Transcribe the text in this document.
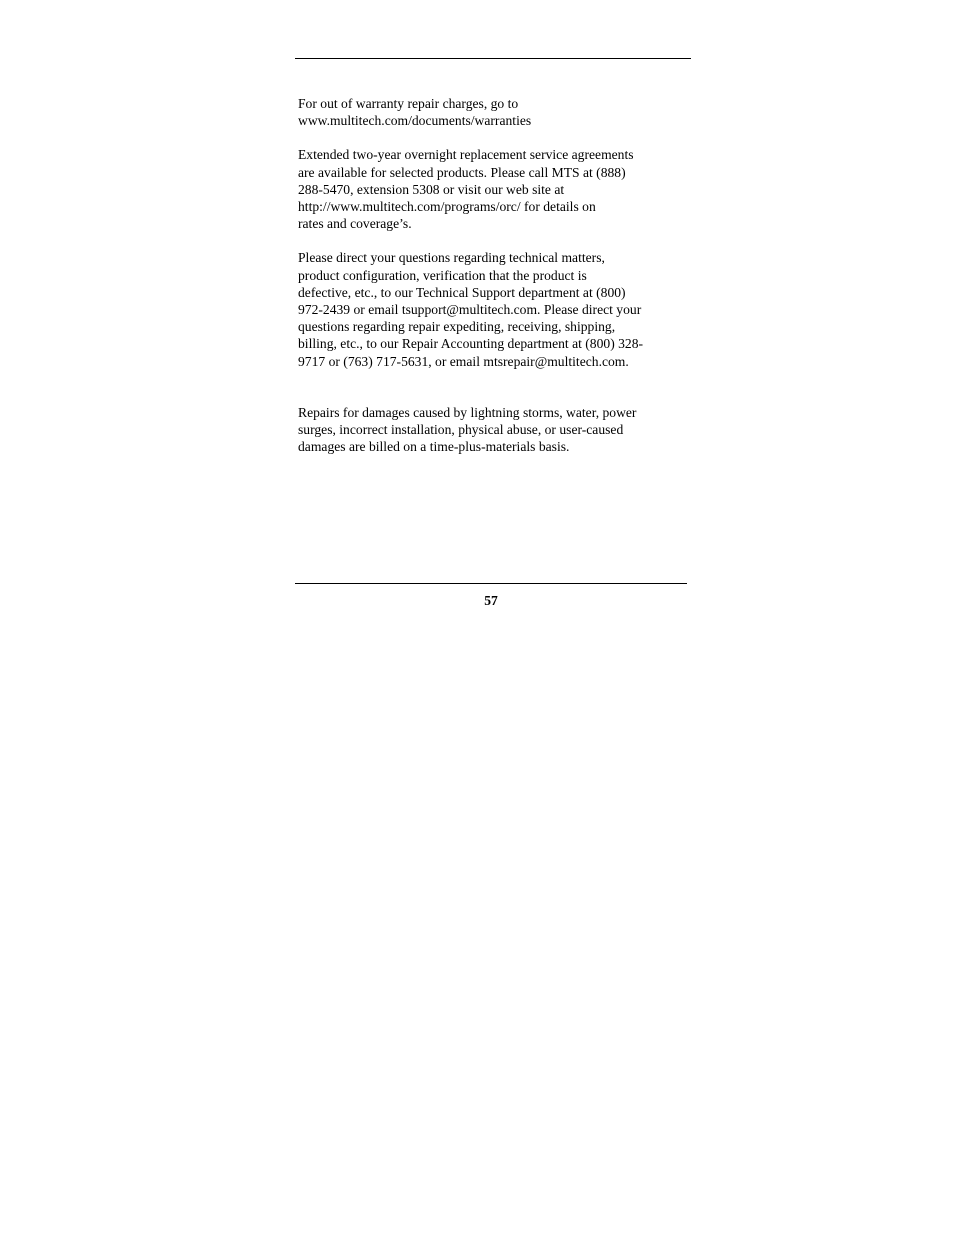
For out of warranty repair charges, go to
www.multitech.com/documents/warranties

Extended two-year overnight replacement service agreements
are available for selected products. Please call MTS at (888)
288-5470, extension 5308 or visit our web site at
http://www.multitech.com/programs/orc/ for details on
rates and coverage’s.

Please direct your questions regarding technical matters,
product configuration, verification that the product is
defective, etc., to our Technical Support department at (800)
972-2439 or email tsupport@multitech.com. Please direct your
questions regarding repair expediting, receiving, shipping,
billing, etc., to our Repair Accounting department at (800) 328-
9717 or (763) 717-5631, or email mtsrepair@multitech.com.

Repairs for damages caused by lightning storms, water, power
surges, incorrect installation, physical abuse, or user-caused
damages are billed on a time-plus-materials basis.

57
